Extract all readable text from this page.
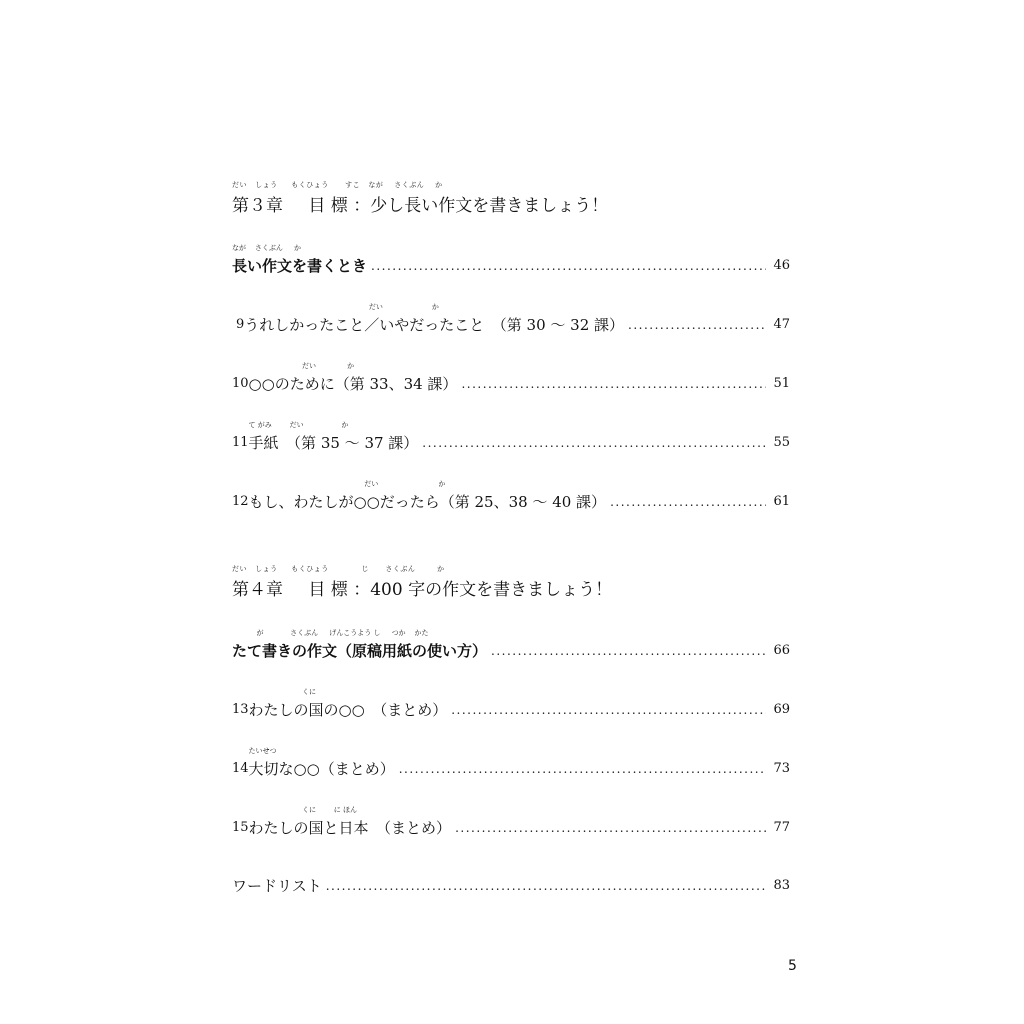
だい   しょう     もくひょう      すこ   なが    さくぶん    か
第３章 目 標 ：少し長い作文を書きましょう！
なが    さくぶん     か
長い作文を書くとき .....	46
9
だい                      か
うれしかったこと／いやだったこと　（第 30 〜 32 課） .....	47
10
だい              か
○○のために（第 33、34 課） .....	51
11
て がみ        だい                 か
手紙　（第 35 〜 37 課） .....	55
12
だい                           か
もし、わたしが○○だったら（第 25、38 〜 40 課） .....	61
だい   しょう     もくひょう            じ      さくぶん        か
第４章 目 標 ：400 字の作文を書きましょう！
が            さくぶん     げんこうよう し     つか    かた
たて書きの作文（原稿用紙の使い方） .....	66
13
くに
わたしの国の○○　（まとめ） .....	69
14
たいせつ
大切な○○（まとめ） .....	73
15
くに        に ほん
わたしの国と日本　（まとめ） .....	77
ワードリスト .....	83
5
